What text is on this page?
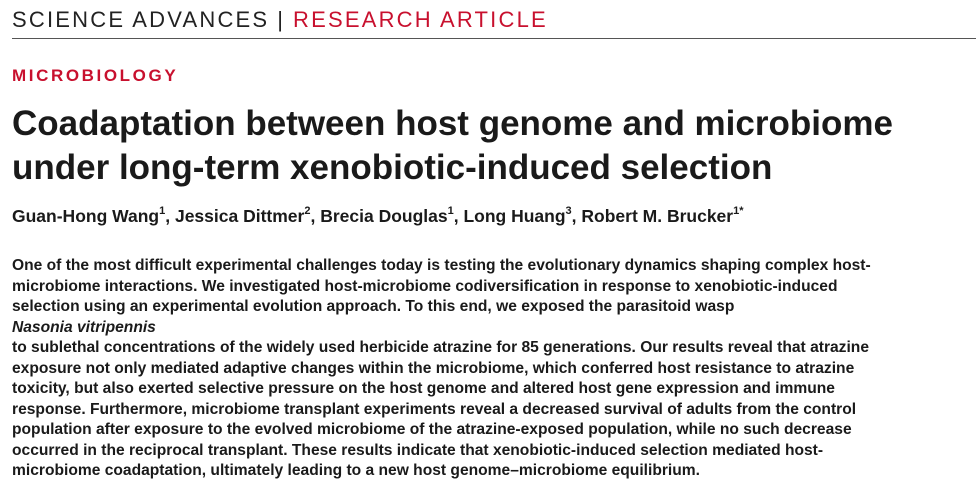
SCIENCE ADVANCES | RESEARCH ARTICLE
MICROBIOLOGY
Coadaptation between host genome and microbiome
under long-term xenobiotic-induced selection
Guan-Hong Wang$^1$, Jessica Dittmer$^2$, Brecia Douglas$^1$, Long Huang$^3$, Robert M. Brucker$^{1*}$
One of the most difficult experimental challenges today is testing the evolutionary dynamics shaping complex host-
microbiome interactions. We investigated host-microbiome codiversification in response to xenobiotic-induced
selection using an experimental evolution approach. To this end, we exposed the parasitoid wasp
Nasonia vitripennis
to sublethal concentrations of the widely used herbicide atrazine for 85 generations. Our results reveal that atrazine
exposure not only mediated adaptive changes within the microbiome, which conferred host resistance to atrazine
toxicity, but also exerted selective pressure on the host genome and altered host gene expression and immune
response. Furthermore, microbiome transplant experiments reveal a decreased survival of adults from the control
population after exposure to the evolved microbiome of the atrazine-exposed population, while no such decrease
occurred in the reciprocal transplant. These results indicate that xenobiotic-induced selection mediated host-
microbiome coadaptation, ultimately leading to a new host genome–microbiome equilibrium.
